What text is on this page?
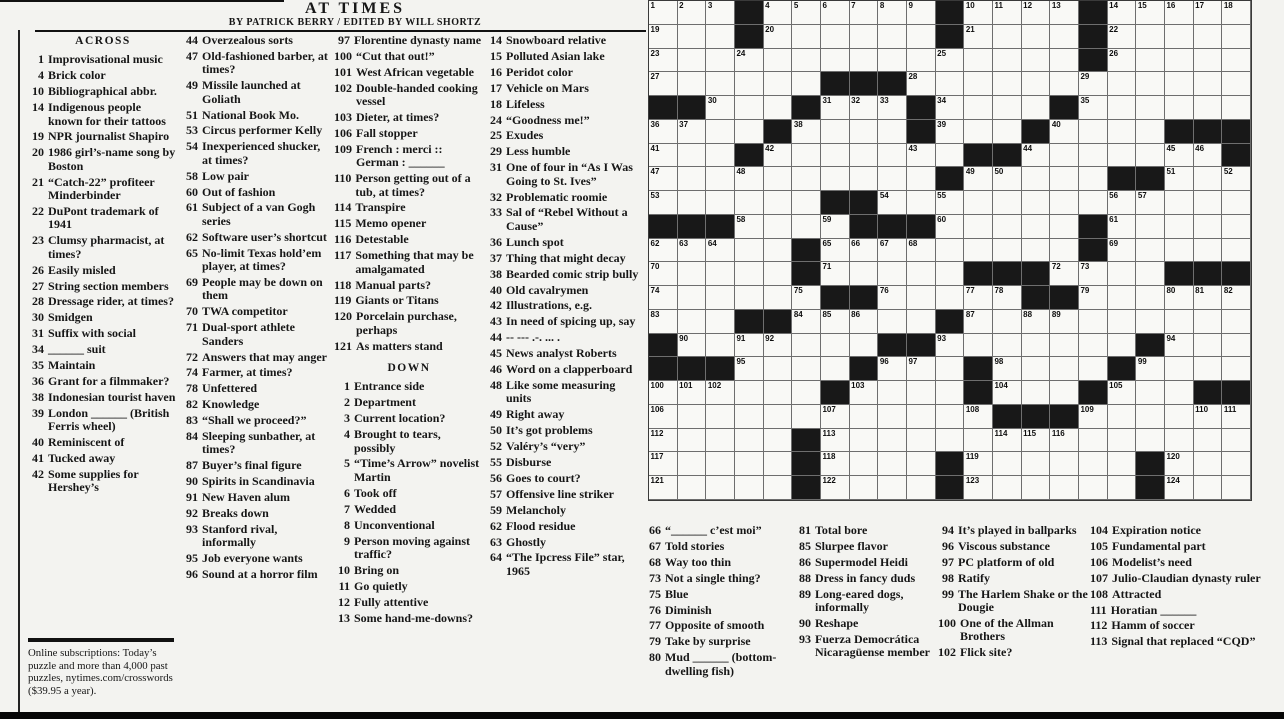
AT TIMES
BY PATRICK BERRY / EDITED BY WILL SHORTZ
ACROSS
1 Improvisational music
4 Brick color
10 Bibliographical abbr.
14 Indigenous people known for their tattoos
19 NPR journalist Shapiro
20 1986 girl’s-name song by Boston
21 “Catch-22” profiteer Minderbinder
22 DuPont trademark of 1941
23 Clumsy pharmacist, at times?
26 Easily misled
27 String section members
28 Dressage rider, at times?
30 Smidgen
31 Suffix with social
34 ______ suit
35 Maintain
36 Grant for a filmmaker?
38 Indonesian tourist haven
39 London ______ (British Ferris wheel)
40 Reminiscent of
41 Tucked away
42 Some supplies for Hershey’s
44 Overzealous sorts
47 Old-fashioned barber, at times?
49 Missile launched at Goliath
51 National Book Mo.
53 Circus performer Kelly
54 Inexperienced shucker, at times?
58 Low pair
60 Out of fashion
61 Subject of a van Gogh series
62 Software user’s shortcut
65 No-limit Texas hold’em player, at times?
69 People may be down on them
70 TWA competitor
71 Dual-sport athlete Sanders
72 Answers that may anger
74 Farmer, at times?
78 Unfettered
82 Knowledge
83 “Shall we proceed?”
84 Sleeping sunbather, at times?
87 Buyer’s final figure
90 Spirits in Scandinavia
91 New Haven alum
92 Breaks down
93 Stanford rival, informally
95 Job everyone wants
96 Sound at a horror film
97 Florentine dynasty name
100 “Cut that out!”
101 West African vegetable
102 Double-handed cooking vessel
103 Dieter, at times?
106 Fall stopper
109 French : merci :: German : ______
110 Person getting out of a tub, at times?
114 Transpire
115 Memo opener
116 Detestable
117 Something that may be amalgamated
118 Manual parts?
119 Giants or Titans
120 Porcelain purchase, perhaps
121 As matters stand
DOWN
1 Entrance side
2 Department
3 Current location?
4 Brought to tears, possibly
5 “Time’s Arrow” novelist Martin
6 Took off
7 Wedded
8 Unconventional
9 Person moving against traffic?
10 Bring on
11 Go quietly
12 Fully attentive
13 Some hand-me-downs?
14 Snowboard relative
15 Polluted Asian lake
16 Peridot color
17 Vehicle on Mars
18 Lifeless
24 “Goodness me!”
25 Exudes
29 Less humble
31 One of four in “As I Was Going to St. Ives”
32 Problematic roomie
33 Sal of “Rebel Without a Cause”
36 Lunch spot
37 Thing that might decay
38 Bearded comic strip bully
40 Old cavalrymen
42 Illustrations, e.g.
43 In need of spicing up, say
44 -- --- .-. ... .
45 News analyst Roberts
46 Word on a clapperboard
48 Like some measuring units
49 Right away
50 It’s got problems
52 Valéry’s “very”
55 Disburse
56 Goes to court?
57 Offensive line striker
59 Melancholy
62 Flood residue
63 Ghostly
64 “The Ipcress File” star, 1965
66 “______ c’est moi”
67 Told stories
68 Way too thin
73 Not a single thing?
75 Blue
76 Diminish
77 Opposite of smooth
79 Take by surprise
80 Mud ______ (bottom-dwelling fish)
81 Total bore
85 Slurpee flavor
86 Supermodel Heidi
88 Dress in fancy duds
89 Long-eared dogs, informally
90 Reshape
93 Fuerza Democrática Nicaragüense member
94 It’s played in ballparks
96 Viscous substance
97 PC platform of old
98 Ratify
99 The Harlem Shake or the Dougie
100 One of the Allman Brothers
102 Flick site?
104 Expiration notice
105 Fundamental part
106 Modelist’s need
107 Julio-Claudian dynasty ruler
108 Attracted
111 Horatian ______
112 Hamm of soccer
113 Signal that replaced “CQD”
Online subscriptions: Today’s puzzle and more than 4,000 past puzzles, nytimes.com/crosswords ($39.95 a year).
1	2	3	4	5	6	7	8	9	10 11	12 13	14 15 16 17 18
19	20	21	22
23	24	25	26
27	28	29
30	31 32 33	34	35
36 37	38	39	40
41	42	43	44	45 46
47	48	49 50	51	52
53	54	55	56 57
58	59	60	61
62 63 64	65 66 67 68	69
70	71	72 73
74	75	76	77 78	79	80 81 82
83	84 85 86	87	88 89
90	91 92	93	94
95	96 97	98	99
100 101 102	103	104	105
106	107	108	109	110 111
112	113	114 115 116
117	118	119	120
121	122	123	124
